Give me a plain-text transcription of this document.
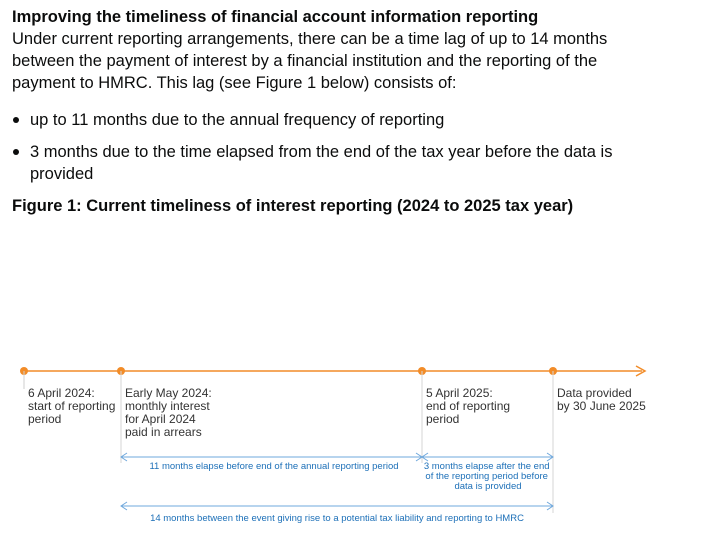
Improving the timeliness of financial account information reporting

Under current reporting arrangements, there can be a time lag of up to 14 months
between the payment of interest by a financial institution and the reporting of the
payment to HMRC. This lag (see Figure 1 below) consists of:

up to 11 months due to the annual frequency of reporting
3 months due to the time elapsed from the end of the tax year before the data is
provided

Figure 1: Current timeliness of interest reporting (2024 to 2025 tax year)

6 April 2024: start of reporting period
Early May 2024: monthly interest for April 2024 paid in arrears
5 April 2025: end of reporting period
Data provided by 30 June 2025
11 months elapse before end of the annual reporting period	3 months elapse after the end of the reporting period before data is provided
14 months between the event giving rise to a potential tax liability and reporting to HMRC
